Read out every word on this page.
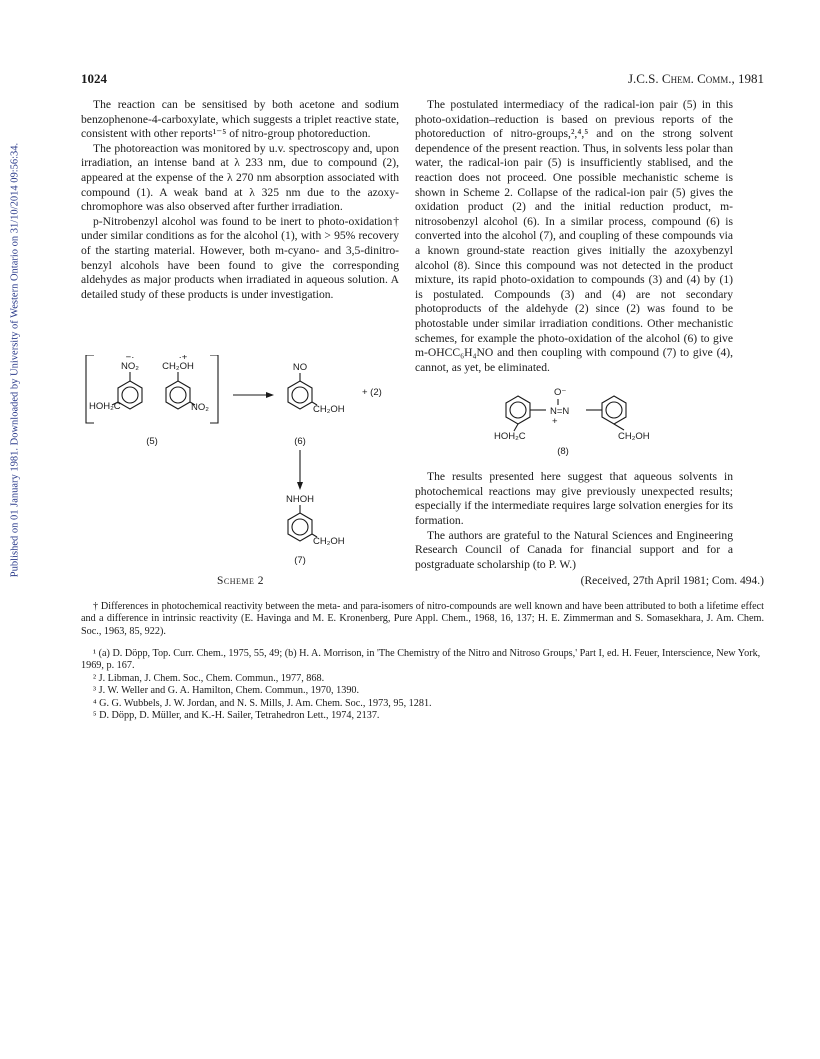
Published on 01 January 1981. Downloaded by University of Western Ontario on 31/10/2014 09:56:34.
1024	J.C.S. Chem. Comm., 1981

The reaction can be sensitised by both acetone and sodium benzophenone-4-carboxylate, which suggests a triplet reactive state, consistent with other reports¹⁻⁵ of nitro-group photoreduction.

The photoreaction was monitored by u.v. spectroscopy and, upon irradiation, an intense band at λ 233 nm, due to compound (2), appeared at the expense of the λ 270 nm absorption associated with compound (1). A weak band at λ 325 nm due to the azoxy-chromophore was also observed after further irradiation.

p-Nitrobenzyl alcohol was found to be inert to photo-oxidation† under similar conditions as for the alcohol (1), with > 95% recovery of the starting material. However, both m-cyano- and 3,5-dinitro-benzyl alcohols have been found to give the corresponding aldehydes as major products when irradiated in aqueous solution. A detailed study of these products is under investigation.

The postulated intermediacy of the radical-ion pair (5) in this photo-oxidation–reduction is based on previous reports of the photoreduction of nitro-groups,²,⁴,⁵ and on the strong solvent dependence of the present reaction. Thus, in solvents less polar than water, the radical-ion pair (5) is insufficiently stablised, and the reaction does not proceed. One possible mechanistic scheme is shown in Scheme 2. Collapse of the radical-ion pair (5) gives the oxidation product (2) and the initial reduction product, m-nitrosobenzyl alcohol (6). In a similar process, compound (6) is converted into the alcohol (7), and coupling of these compounds via a known ground-state reaction gives initially the azoxybenzyl alcohol (8). Since this compound was not detected in the product mixture, its rapid photo-oxidation to compounds (3) and (4) by (1) is postulated. Compounds (3) and (4) are not secondary photoproducts of the aldehyde (2) since (2) was found to be photostable under similar irradiation conditions. Other mechanistic schemes, for example the photo-oxidation of the alcohol (6) to give m-OHCC₆H₄NO and then coupling with compound (7) to give (4), cannot, as yet, be eliminated.

The results presented here suggest that aqueous solvents in photochemical reactions may give previously unexpected results; especially if the intermediate requires large solvation energies for its formation.

The authors are grateful to the Natural Sciences and Engineering Research Council of Canada for financial support and for a postgraduate scholarship (to P. W.)

−·
NO₂
·+
CH₂OH
HOH₂C	NO₂
(5)
NO
CH₂OH
+ (2)
(6)
NHOH
CH₂OH
(7)
O⁻
N=N
+
HOH₂C	CH₂OH
(8)
Scheme 2	(Received, 27th April 1981; Com. 494.)

† Differences in photochemical reactivity between the meta- and para-isomers of nitro-compounds are well known and have been attributed to both a lifetime effect and a difference in intrinsic reactivity (E. Havinga and M. E. Kronenberg, Pure Appl. Chem., 1968, 16, 137; H. E. Zimmerman and S. Somasekhara, J. Am. Chem. Soc., 1963, 85, 922).

¹ (a) D. Döpp, Top. Curr. Chem., 1975, 55, 49; (b) H. A. Morrison, in 'The Chemistry of the Nitro and Nitroso Groups,' Part I, ed. H. Feuer, Interscience, New York, 1969, p. 167.
² J. Libman, J. Chem. Soc., Chem. Commun., 1977, 868.
³ J. W. Weller and G. A. Hamilton, Chem. Commun., 1970, 1390.
⁴ G. G. Wubbels, J. W. Jordan, and N. S. Mills, J. Am. Chem. Soc., 1973, 95, 1281.
⁵ D. Döpp, D. Müller, and K.-H. Sailer, Tetrahedron Lett., 1974, 2137.
